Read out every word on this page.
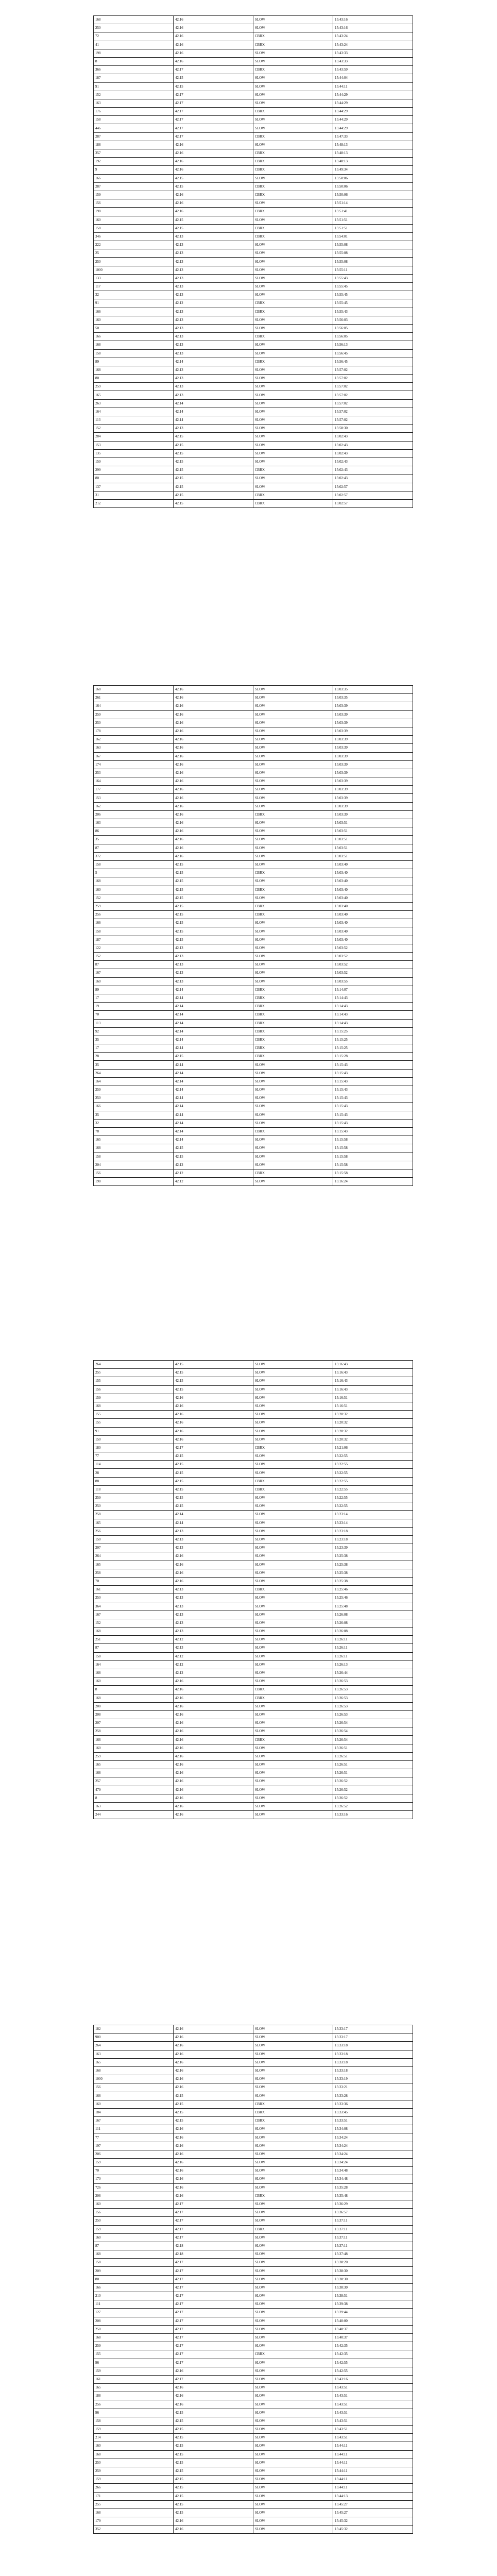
168	42.16	SLOW	15:43:16
250	42.16	SLOW	15:43:16
72	42.16	CBRX	15:43:24
41	42.16	CBRX	15:43:24
198	42.16	SLOW	15:43:33
8	42.16	SLOW	15:43:33
366	42.17	CBRX	15:43:59
187	42.15	SLOW	15:44:04
91	42.15	SLOW	15:44:11
152	42.17	SLOW	15:44:29
163	42.17	SLOW	15:44:29
176	42.17	CBRX	15:44:29
158	42.17	SLOW	15:44:29
446	42.17	SLOW	15:44:29
287	42.17	CBRX	15:47:33
188	42.16	SLOW	15:48:13
357	42.16	CBRX	15:48:13
192	42.16	CBRX	15:48:13
9	42.16	CBRX	15:49:34
166	42.15	SLOW	15:50:06
287	42.15	CBRX	15:50:06
159	42.16	CBRX	15:50:06
156	42.16	SLOW	15:51:14
198	42.16	CBRX	15:51:41
160	42.15	SLOW	15:51:51
158	42.15	CBRX	15:51:51
346	42.13	CBRX	15:54:01
222	42.13	SLOW	15:55:08
25	42.13	SLOW	15:55:08
250	42.13	SLOW	15:55:08
1000	42.13	SLOW	15:55:11
133	42.13	SLOW	15:55:43
117	42.13	SLOW	15:55:45
32	42.13	SLOW	15:55:45
91	42.12	CBRX	15:55:45
166	42.13	CBRX	15:55:43
160	42.13	SLOW	15:56:03
50	42.13	SLOW	15:56:05
166	42.13	CBRX	15:56:05
168	42.13	SLOW	15:56:13
158	42.13	SLOW	15:56:45
89	42.14	CBRX	15:56:45
168	42.13	SLOW	15:57:02
80	42.13	SLOW	15:57:02
259	42.13	SLOW	15:57:02
165	42.13	SLOW	15:57:02
263	42.14	SLOW	15:57:02
164	42.14	SLOW	15:57:02
113	42.14	SLOW	15:57:02
152	42.13	SLOW	15:58:30
284	42.15	SLOW	15:02:43
153	42.15	SLOW	15:02:43
135	42.15	SLOW	15:02:43
159	42.15	SLOW	15:02:43
299	42.15	CBRX	15:02:43
80	42.15	SLOW	15:02:43
137	42.15	SLOW	15:02:57
31	42.15	CBRX	15:02:57
212	42.15	CBRX	15:02:57
168	42.16	SLOW	15:03:35
261	42.16	SLOW	15:03:35
164	42.16	SLOW	15:03:39
259	42.16	SLOW	15:03:39
250	42.16	SLOW	15:03:39
178	42.16	SLOW	15:03:39
162	42.16	SLOW	15:03:39
163	42.16	SLOW	15:03:39
167	42.16	SLOW	15:03:39
174	42.16	SLOW	15:03:39
253	42.16	SLOW	15:03:39
164	42.16	SLOW	15:03:39
177	42.16	SLOW	15:03:39
153	42.16	SLOW	15:03:39
162	42.16	SLOW	15:03:39
206	42.16	CBRX	15:03:39
163	42.16	SLOW	15:03:51
86	42.16	SLOW	15:03:51
35	42.16	SLOW	15:03:51
87	42.16	SLOW	15:03:51
372	42.16	SLOW	15:03:51
158	42.15	SLOW	15:03:40
5	42.15	CBRX	15:03:40
168	42.15	SLOW	15:03:40
160	42.15	CBRX	15:03:40
152	42.15	SLOW	15:03:40
259	42.15	CBRX	15:03:40
256	42.15	CBRX	15:03:40
166	42.15	SLOW	15:03:40
158	42.15	SLOW	15:03:40
187	42.15	SLOW	15:03:40
122	42.13	SLOW	15:03:52
152	42.13	SLOW	15:03:52
87	42.13	SLOW	15:03:52
167	42.13	SLOW	15:03:52
160	42.13	SLOW	15:03:55
89	42.14	CBRX	15:14:07
17	42.14	CBRX	15:14:43
19	42.14	CBRX	15:14:43
70	42.14	CBRX	15:14:43
113	42.14	CBRX	15:14:43
92	42.14	CBRX	15:15:25
35	42.14	CBRX	15:15:25
17	42.14	CBRX	15:15:25
28	42.15	CBRX	15:15:28
35	42.14	SLOW	15:15:43
264	42.14	SLOW	15:15:43
164	42.14	SLOW	15:15:43
259	42.14	SLOW	15:15:43
250	42.14	SLOW	15:15:43
166	42.14	SLOW	15:15:43
35	42.14	SLOW	15:15:43
32	42.14	SLOW	15:15:43
78	42.14	CBRX	15:15:43
165	42.14	SLOW	15:15:58
168	42.15	SLOW	15:15:58
158	42.15	SLOW	15:15:58
204	42.12	SLOW	15:15:58
156	42.12	CBRX	15:15:58
198	42.12	SLOW	15:16:24
264	42.15	SLOW	15:16:43
255	42.15	SLOW	15:16:43
155	42.15	SLOW	15:16:43
156	42.15	SLOW	15:16:43
159	42.16	SLOW	15:16:51
168	42.16	SLOW	15:16:51
155	42.16	SLOW	15:20:32
155	42.16	SLOW	15:20:32
91	42.16	SLOW	15:20:32
150	42.16	SLOW	15:20:32
180	42.17	CBRX	15:21:06
77	42.15	SLOW	15:22:55
114	42.15	SLOW	15:22:55
28	42.15	SLOW	15:22:55
88	42.15	CBRX	15:22:55
118	42.15	CBRX	15:22:55
259	42.15	SLOW	15:22:55
250	42.15	SLOW	15:22:55
258	42.14	SLOW	15:23:14
165	42.14	SLOW	15:23:14
256	42.13	SLOW	15:23:18
150	42.13	SLOW	15:23:18
207	42.13	SLOW	15:23:39
264	42.16	SLOW	15:25:38
165	42.16	SLOW	15:25:38
258	42.16	SLOW	15:25:38
70	42.16	SLOW	15:25:38
161	42.13	CBRX	15:25:46
250	42.13	SLOW	15:25:46
364	42.13	SLOW	15:25:48
167	42.13	SLOW	15:26:08
152	42.13	SLOW	15:26:08
168	42.13	SLOW	15:26:08
251	42.12	SLOW	15:26:11
87	42.13	SLOW	15:26:11
158	42.12	SLOW	15:26:11
164	42.12	SLOW	15:26:13
168	42.12	SLOW	15:26:44
160	42.16	SLOW	15:26:53
8	42.16	CBRX	15:26:53
168	42.16	CBRX	15:26:53
208	42.16	SLOW	15:26:53
208	42.16	SLOW	15:26:53
207	42.16	SLOW	15:26:54
258	42.16	SLOW	15:26:54
166	42.16	CBRX	15:26:54
160	42.16	SLOW	15:26:51
259	42.16	SLOW	15:26:51
165	42.16	SLOW	15:26:51
168	42.16	SLOW	15:26:51
257	42.16	SLOW	15:26:52
479	42.16	SLOW	15:26:52
8	42.16	SLOW	15:26:52
163	42.16	SLOW	15:26:52
244	42.16	SLOW	15:33:16
182	42.16	SLOW	15:33:17
900	42.16	SLOW	15:33:17
264	42.16	SLOW	15:33:18
163	42.16	SLOW	15:33:18
165	42.16	SLOW	15:33:18
168	42.16	SLOW	15:33:18
1000	42.16	SLOW	15:33:19
156	42.16	SLOW	15:33:21
168	42.15	SLOW	15:33:28
160	42.15	CBRX	15:33:36
184	42.15	CBRX	15:33:45
167	42.15	CBRX	15:33:51
111	42.16	SLOW	15:34:08
77	42.16	SLOW	15:34:24
197	42.16	SLOW	15:34:24
206	42.16	SLOW	15:34:24
159	42.16	SLOW	15:34:24
70	42.16	SLOW	15:34:48
170	42.16	SLOW	15:34:48
726	42.16	SLOW	15:35:28
208	42.16	CBRX	15:35:48
160	42.17	SLOW	15:36:29
156	42.17	SLOW	15:36:57
250	42.17	SLOW	15:37:11
159	42.17	CBRX	15:37:11
160	42.17	SLOW	15:37:11
87	42.18	SLOW	15:37:11
168	42.18	SLOW	15:37:48
158	42.17	SLOW	15:38:20
209	42.17	SLOW	15:38:30
80	42.17	SLOW	15:38:30
166	42.17	SLOW	15:38:30
210	42.17	SLOW	15:38:51
111	42.17	SLOW	15:39:38
127	42.17	SLOW	15:39:44
208	42.17	SLOW	15:40:00
250	42.17	SLOW	15:40:37
168	42.17	SLOW	15:40:37
259	42.17	SLOW	15:42:35
155	42.17	CBRX	15:42:35
96	42.17	SLOW	15:42:55
159	42.16	SLOW	15:42:55
161	42.17	SLOW	15:43:16
165	42.16	SLOW	15:43:51
188	42.16	SLOW	15:43:51
256	42.16	SLOW	15:43:51
96	42.15	SLOW	15:43:51
158	42.15	SLOW	15:43:51
159	42.15	SLOW	15:43:51
214	42.15	SLOW	15:43:51
160	42.15	SLOW	15:44:11
168	42.15	SLOW	15:44:11
250	42.15	SLOW	15:44:11
259	42.15	SLOW	15:44:11
159	42.15	SLOW	15:44:11
266	42.15	SLOW	15:44:11
171	42.15	SLOW	15:44:13
255	42.15	SLOW	15:45:27
168	42.15	SLOW	15:45:27
179	42.16	SLOW	15:45:32
352	42.16	SLOW	15:45:32
